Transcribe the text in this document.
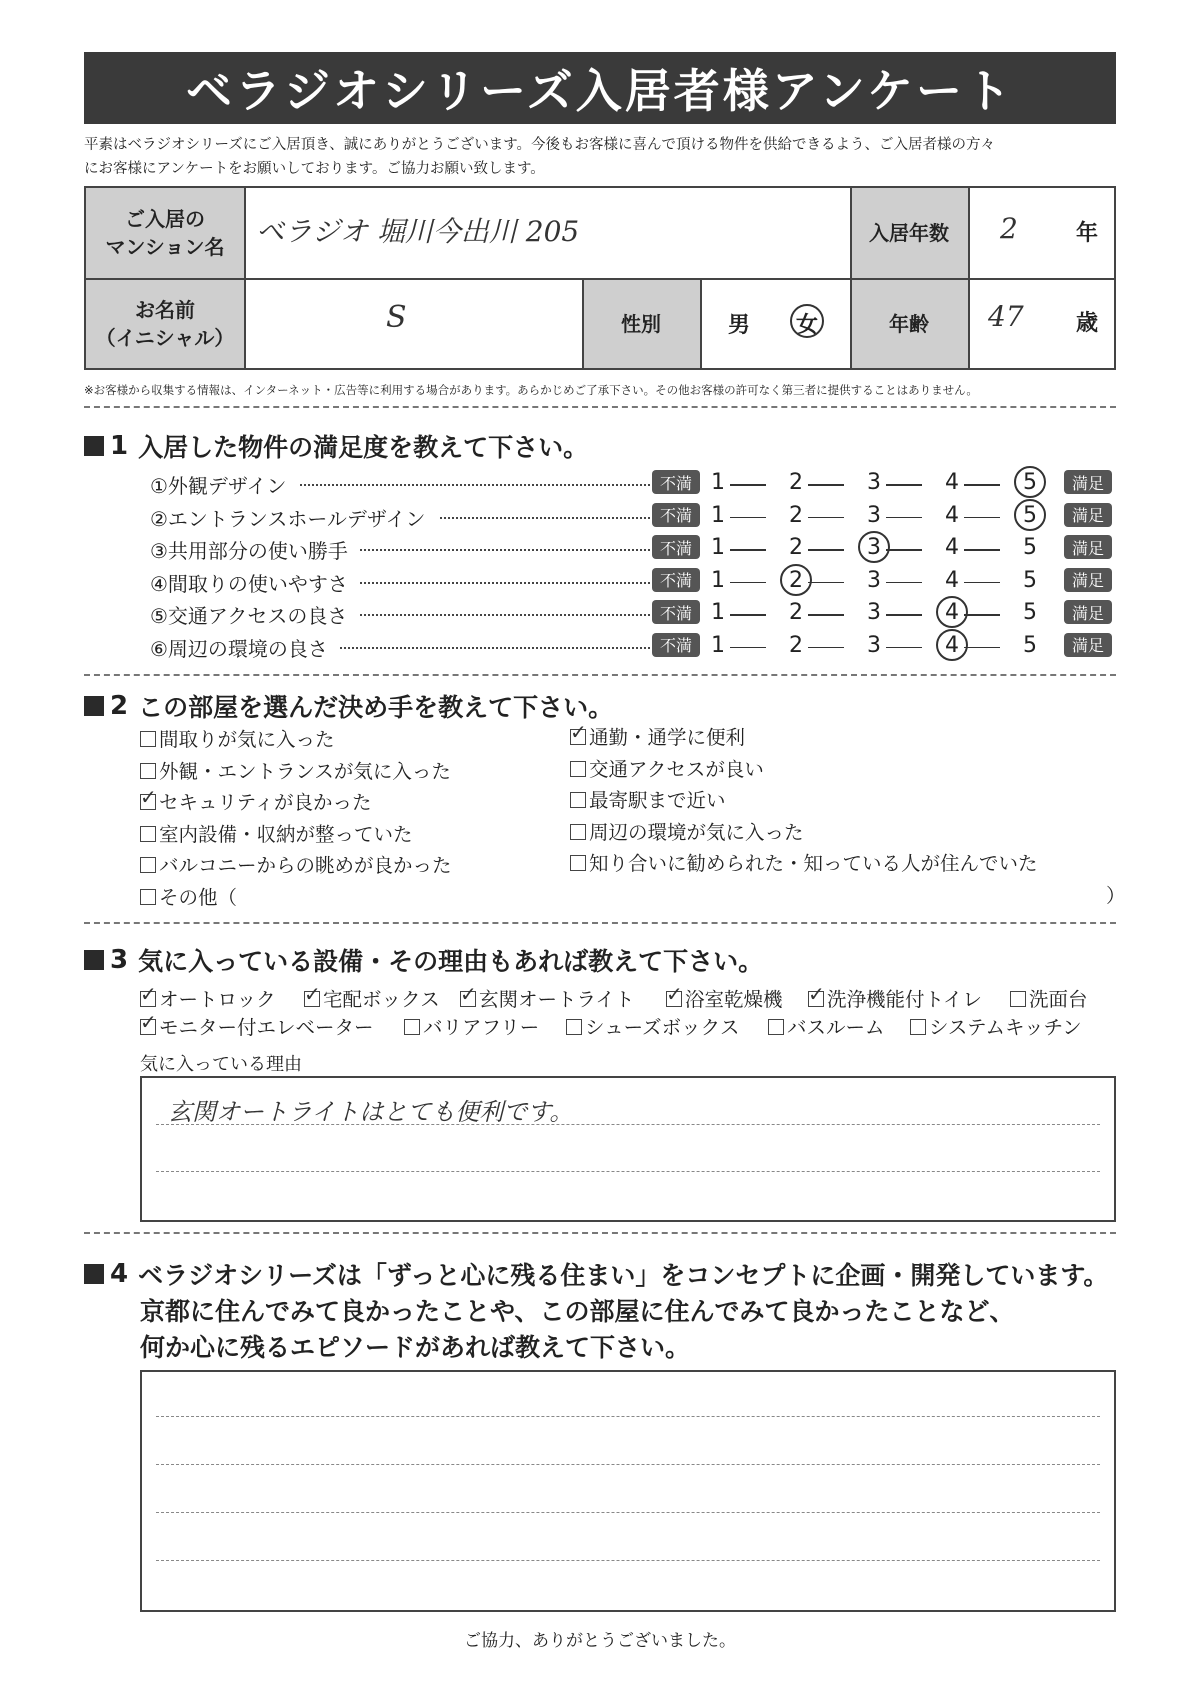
ベラジオシリーズ入居者様アンケート
平素はベラジオシリーズにご入居頂き、誠にありがとうございます。今後もお客様に喜んで頂ける物件を供給できるよう、ご入居者様の方々
にお客様にアンケートをお願いしております。ご協力お願い致します。
ご入居の
マンション名 ベラジオ 堀川今出川 205	入居年数	2	年
お名前
（イニシャル）
S	性別	男 女	年齢	47 歳
※お客様から収集する情報は、インターネット・広告等に利用する場合があります。あらかじめご了承下さい。その他お客様の許可なく第三者に提供することはありません。
1 入居した物件の満足度を教えて下さい。
①外観デザイン	不満	満足
1	2	3	4	5
②エントランスホールデザイン	不満	満足
1	2	3	4	5
③共用部分の使い勝手	不満	満足
1	2	3	4	5
④間取りの使いやすさ	不満	満足
1	2	3	4	5
⑤交通アクセスの良さ	不満	満足
1	2	3	4	5
⑥周辺の環境の良さ	不満	満足
1	2	3	4	5
2 この部屋を選んだ決め手を教えて下さい。
間取りが気に入った
外観・エントランスが気に入った
✓セキュリティが良かった
室内設備・収納が整っていた
バルコニーからの眺めが良かった
その他（
✓通勤・通学に便利
交通アクセスが良い
最寄駅まで近い
周辺の環境が気に入った
知り合いに勧められた・知っている人が住んでいた
）
3 気に入っている設備・その理由もあれば教えて下さい。
✓オートロック ✓	宅配ボックス ✓	玄関オートライト ✓	浴室乾燥機 ✓	洗浄機能付トイレ	洗面台
✓モニター付エレベーター	バリアフリー	シューズボックス	バスルーム	システムキッチン
気に入っている理由
玄関オートライトはとても便利です。
4 ベラジオシリーズは「ずっと心に残る住まい」をコンセプトに企画・開発しています。
京都に住んでみて良かったことや、この部屋に住んでみて良かったことなど、
何か心に残るエピソードがあれば教えて下さい。
ご協力、ありがとうございました。
